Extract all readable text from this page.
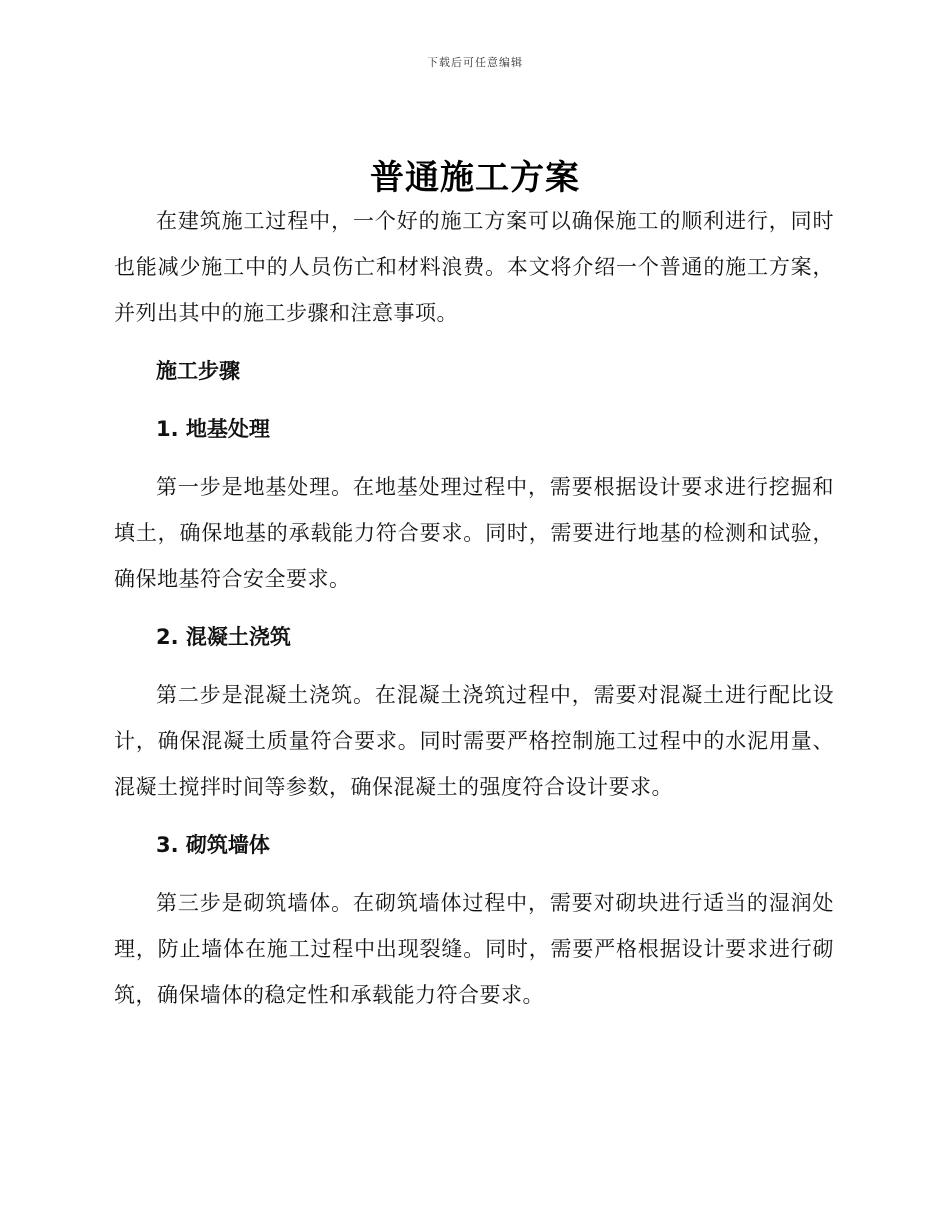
下载后可任意编辑
普通施工方案

在建筑施工过程中，一个好的施工方案可以确保施工的顺利进行，同时也能减少施工中的人员伤亡和材料浪费。本文将介绍一个普通的施工方案，并列出其中的施工步骤和注意事项。

施工步骤

1. 地基处理

第一步是地基处理。在地基处理过程中，需要根据设计要求进行挖掘和填土，确保地基的承载能力符合要求。同时，需要进行地基的检测和试验，确保地基符合安全要求。

2. 混凝土浇筑

第二步是混凝土浇筑。在混凝土浇筑过程中，需要对混凝土进行配比设计，确保混凝土质量符合要求。同时需要严格控制施工过程中的水泥用量、混凝土搅拌时间等参数，确保混凝土的强度符合设计要求。

3. 砌筑墙体

第三步是砌筑墙体。在砌筑墙体过程中，需要对砌块进行适当的湿润处理，防止墙体在施工过程中出现裂缝。同时，需要严格根据设计要求进行砌筑，确保墙体的稳定性和承载能力符合要求。
